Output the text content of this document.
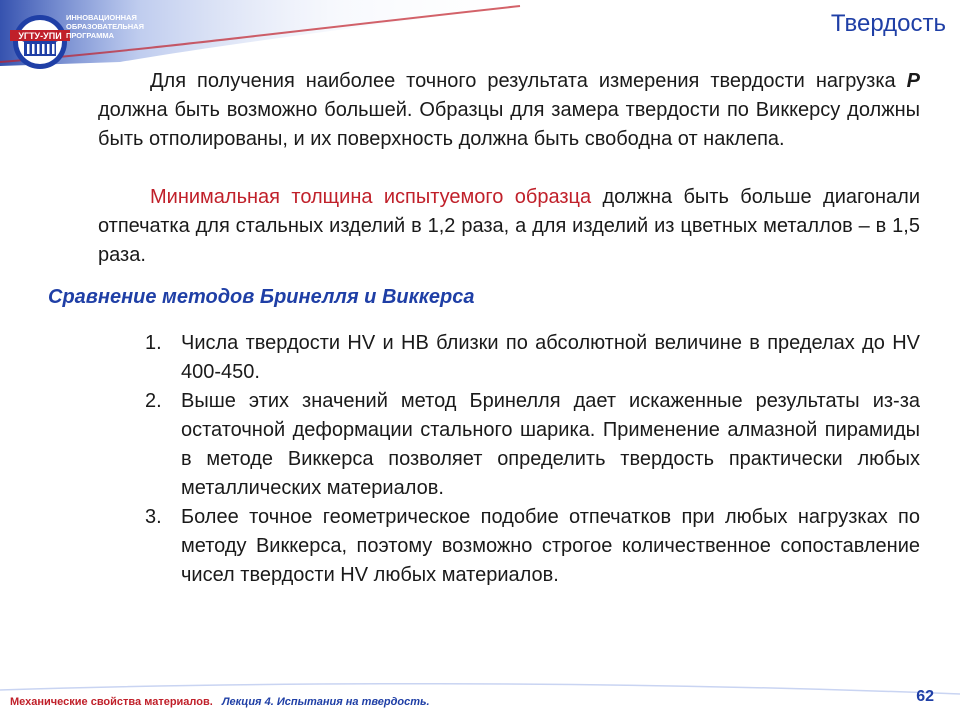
УГТУ-УПИ
ИННОВАЦИОННАЯ
ОБРАЗОВАТЕЛЬНАЯ
ПРОГРАММА	Твердость

Для получения наиболее точного результата измерения твердости нагрузка P должна быть возможно большей. Образцы для замера твердости по Виккерсу должны быть отполированы, и их поверхность должна быть свободна от наклепа.

Минимальная толщина испытуемого образца должна быть больше диагонали отпечатка для стальных изделий в 1,2 раза, а для изделий из цветных металлов – в 1,5 раза.

Сравнение методов Бринелля и Виккерса
1. Числа твердости HV и HB близки по абсолютной величине в пределах до HV 400-450.
2. Выше этих значений метод Бринелля дает искаженные результаты из-за остаточной деформации стального шарика. Применение алмазной пирамиды в методе Виккерса позволяет определить твердость практически любых металлических материалов.
3. Более точное геометрическое подобие отпечатков при любых нагрузках по методу Виккерса, поэтому возможно строгое количественное сопоставление чисел твердости HV любых материалов.
Механические свойства материалов. Лекция 4. Испытания на твердость.	62
